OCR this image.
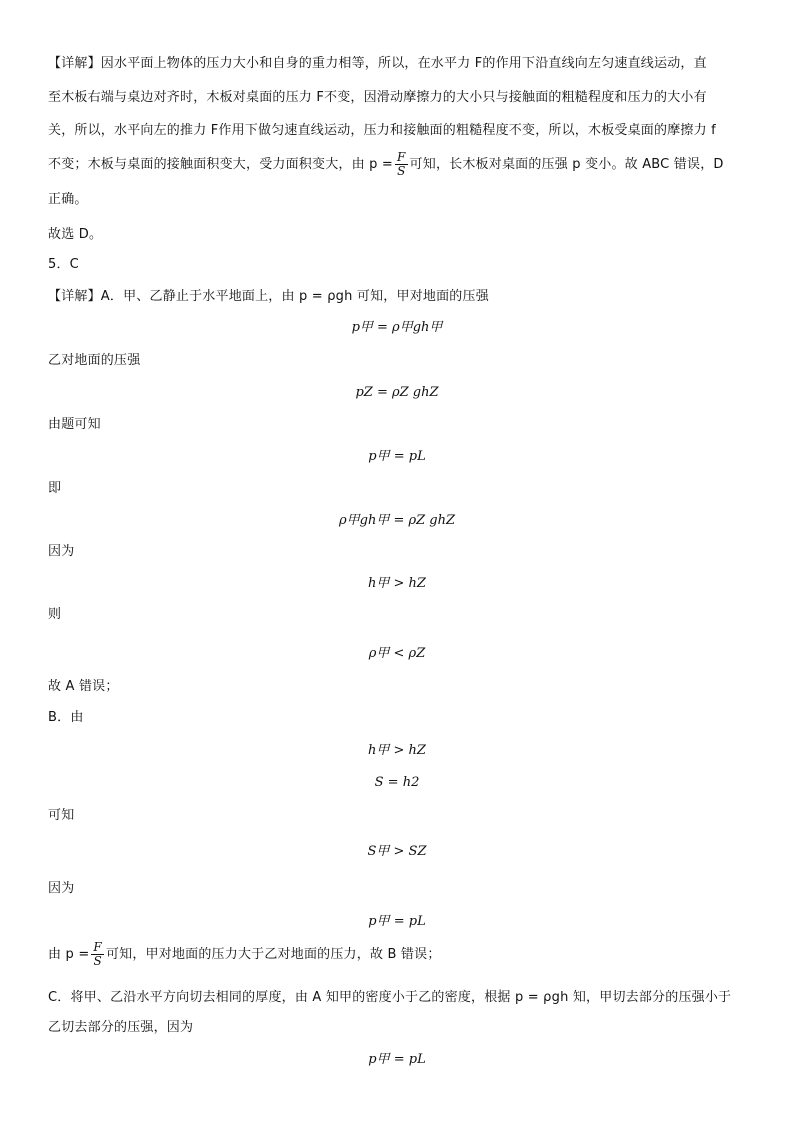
【详解】因水平面上物体的压力大小和自身的重力相等，所以，在水平力 F的作用下沿直线向左匀速直线运动，直
至木板右端与桌边对齐时，木板对桌面的压力 F不变，因滑动摩擦力的大小只与接触面的粗糙程度和压力的大小有
关，所以，水平向左的推力 F作用下做匀速直线运动，压力和接触面的粗糙程度不变，所以，木板受桌面的摩擦力 f
不变；木板与桌面的接触面积变大，受力面积变大，由 $p = \frac{F}{S}$ 可知，长木板对桌面的压强 p 变小。故 ABC 错误，D
正确。
故选 D。
5．C
【详解】A．甲、乙静止于水平地面上，由 p = ρgh 可知，甲对地面的压强
p甲 = ρ甲gh甲
乙对地面的压强
pZ = ρZ ghZ
由题可知
p甲 = pL
即
ρ甲gh甲 = ρZ ghZ
因为
h甲 > hZ
则
ρ甲 < ρZ
故 A 错误；
B．由
h甲 > hZ
S = h2
可知
S甲 > SZ
因为
p甲 = pL
由 $p = \frac{F}{S}$ 可知，甲对地面的压力大于乙对地面的压力，故 B 错误；
C．将甲、乙沿水平方向切去相同的厚度，由 A 知甲的密度小于乙的密度，根据 p = ρgh 知，甲切去部分的压强小于
乙切去部分的压强，因为
p甲 = pL
